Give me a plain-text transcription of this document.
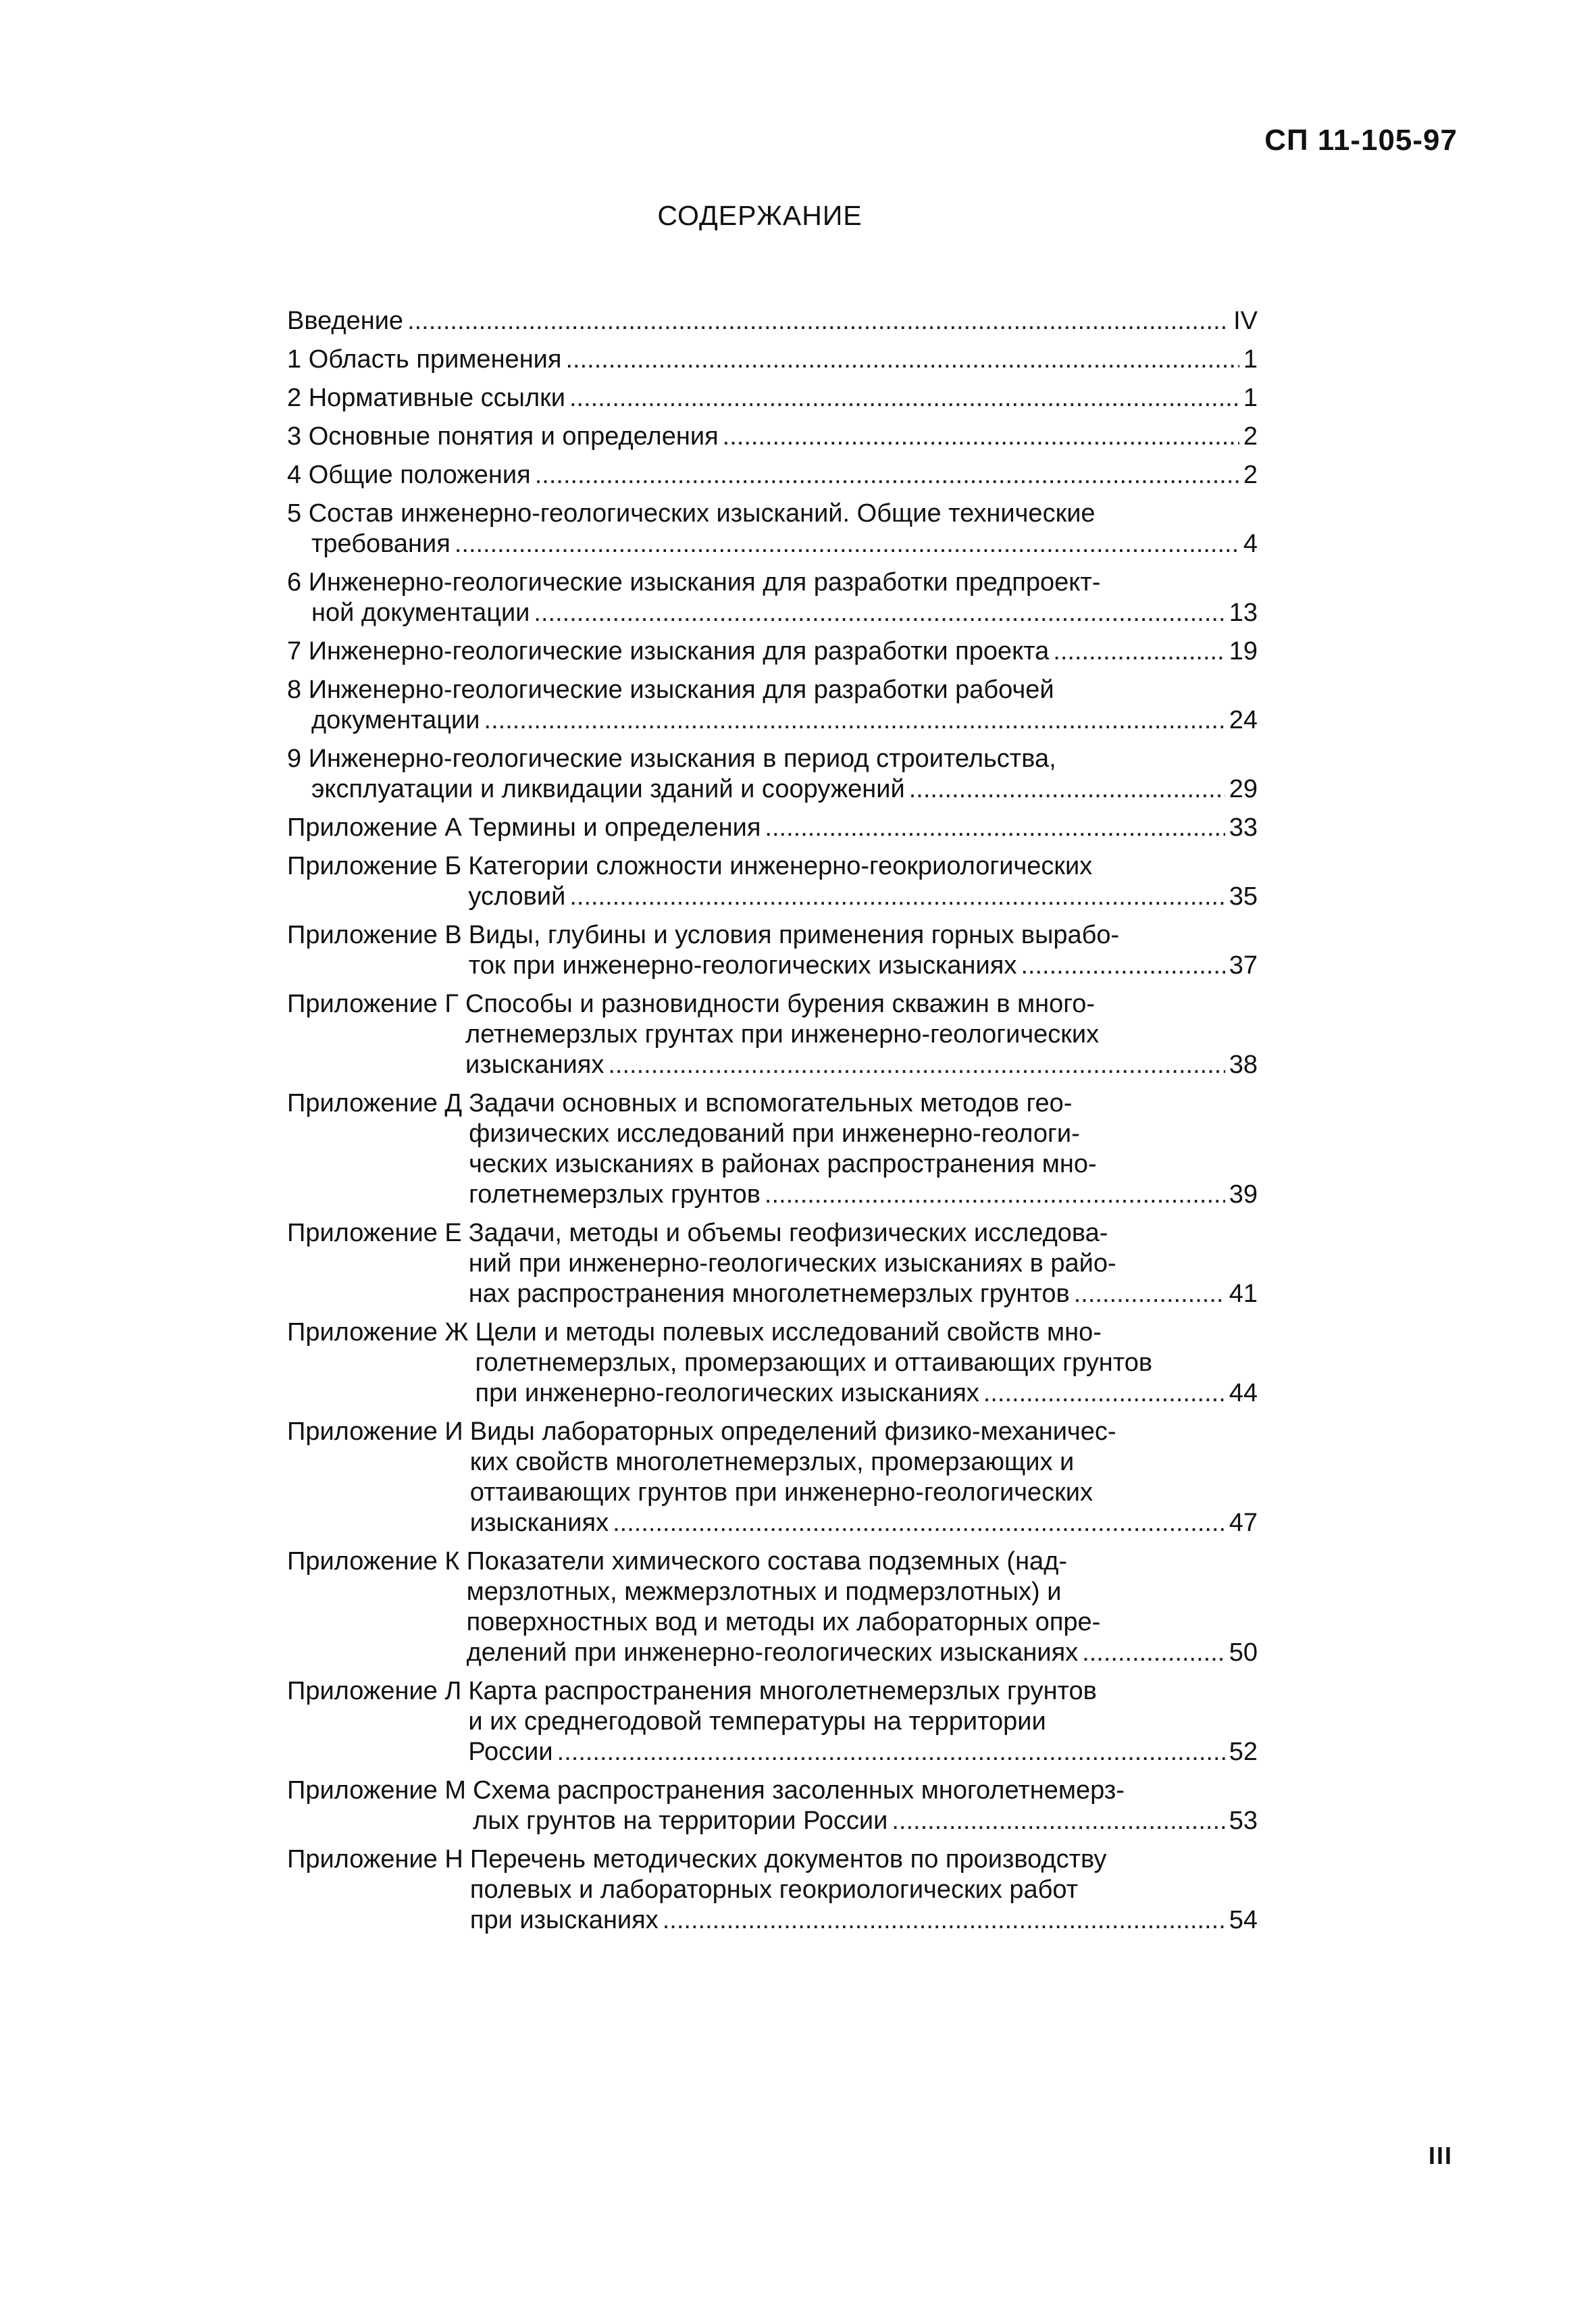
СП 11-105-97
СОДЕРЖАНИЕ
Введение .....	IV
1 Область применения .....	1
2 Нормативные ссылки .....	1
3 Основные понятия и определения .....	2
4 Общие положения .....	2
5 Состав инженерно-геологических изысканий. Общие технические
требования .....	4
6 Инженерно-геологические изыскания для разработки предпроект-
ной документации .....	13
7 Инженерно-геологические изыскания для разработки проекта .....	19
8 Инженерно-геологические изыскания для разработки рабочей
документации .....	24
9 Инженерно-геологические изыскания в период строительства,
эксплуатации и ликвидации зданий и сооружений .....	29
Приложение А Термины и определения .....	33
Приложение Б Категории сложности инженерно-геокриологических
условий .....	35
Приложение В Виды, глубины и условия применения горных вырабо-
ток при инженерно-геологических изысканиях .....	37
Приложение Г Способы и разновидности бурения скважин в много-
летнемерзлых грунтах при инженерно-геологических
изысканиях .....	38
Приложение Д Задачи основных и вспомогательных методов гео-
физических исследований при инженерно-геологи-
ческих изысканиях в районах распространения мно-
голетнемерзлых грунтов .....	39
Приложение Е Задачи, методы и объемы геофизических исследова-
ний при инженерно-геологических изысканиях в райо-
нах распространения многолетнемерзлых грунтов .....	41
Приложение Ж Цели и методы полевых исследований свойств мно-
голетнемерзлых, промерзающих и оттаивающих грунтов
при инженерно-геологических изысканиях .....	44
Приложение И Виды лабораторных определений физико-механичес-
ких свойств многолетнемерзлых, промерзающих и
оттаивающих грунтов при инженерно-геологических
изысканиях .....	47
Приложение К Показатели химического состава подземных (над-
мерзлотных, межмерзлотных и подмерзлотных) и
поверхностных вод и методы их лабораторных опре-
делений при инженерно-геологических изысканиях .....	50
Приложение Л Карта распространения многолетнемерзлых грунтов
и их среднегодовой температуры на территории
России .....	52
Приложение М Схема распространения засоленных многолетнемерз-
лых грунтов на территории России .....	53
Приложение Н Перечень методических документов по производству
полевых и лабораторных геокриологических работ
при изысканиях .....	54
III
